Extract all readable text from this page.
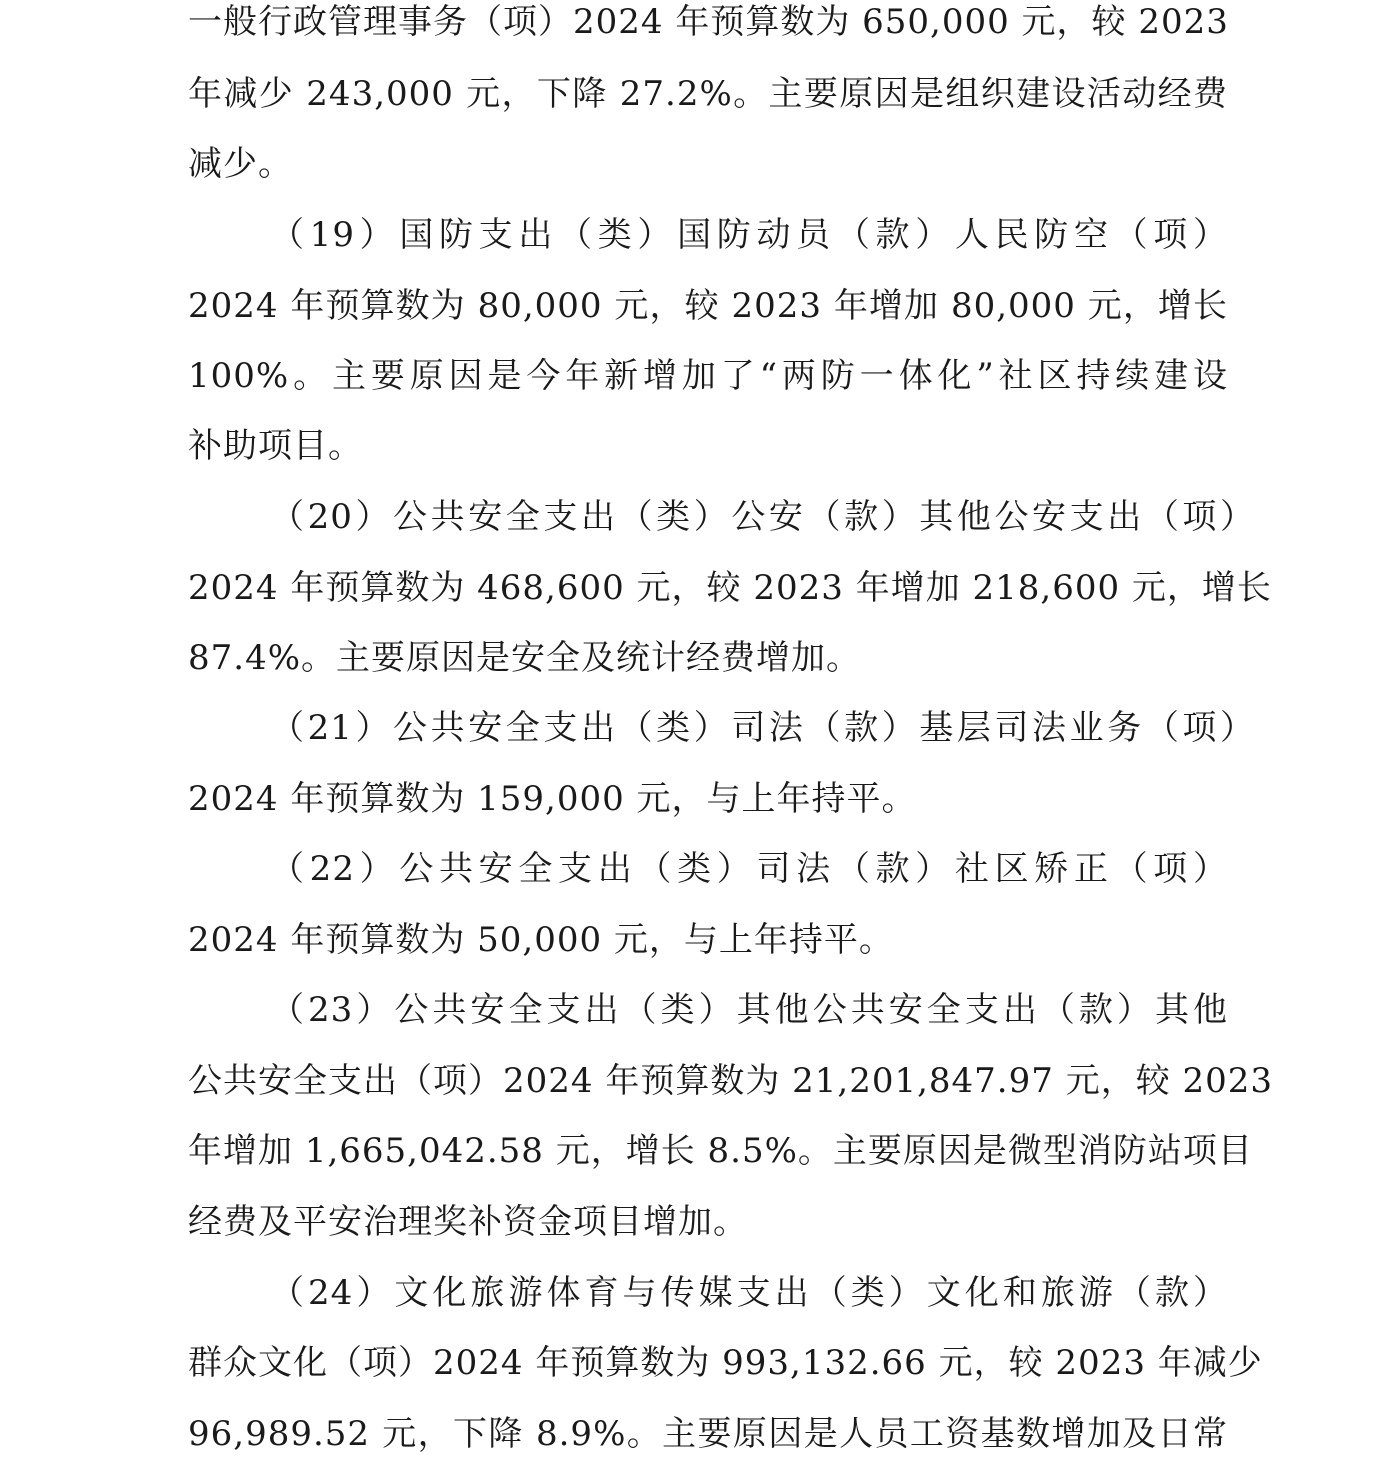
一般行政管理事务（项）2024 年预算数为 650,000 元，较 2023
年减少 243,000 元，下降 27.2%。主要原因是组织建设活动经费
减少。
（19）国防支出（类）国防动员（款）人民防空（项）
2024 年预算数为 80,000 元，较 2023 年增加 80,000 元，增长
100%。主要原因是今年新增加了“两防一体化”社区持续建设
补助项目。
（20）公共安全支出（类）公安（款）其他公安支出（项）
2024 年预算数为 468,600 元，较 2023 年增加 218,600 元，增长
87.4%。主要原因是安全及统计经费增加。
（21）公共安全支出（类）司法（款）基层司法业务（项）
2024 年预算数为 159,000 元，与上年持平。
（22）公共安全支出（类）司法（款）社区矫正（项）
2024 年预算数为 50,000 元，与上年持平。
（23）公共安全支出（类）其他公共安全支出（款）其他
公共安全支出（项）2024 年预算数为 21,201,847.97 元，较 2023
年增加 1,665,042.58 元，增长 8.5%。主要原因是微型消防站项目
经费及平安治理奖补资金项目增加。
（24）文化旅游体育与传媒支出（类）文化和旅游（款）
群众文化（项）2024 年预算数为 993,132.66 元，较 2023 年减少
96,989.52 元，下降 8.9%。主要原因是人员工资基数增加及日常
